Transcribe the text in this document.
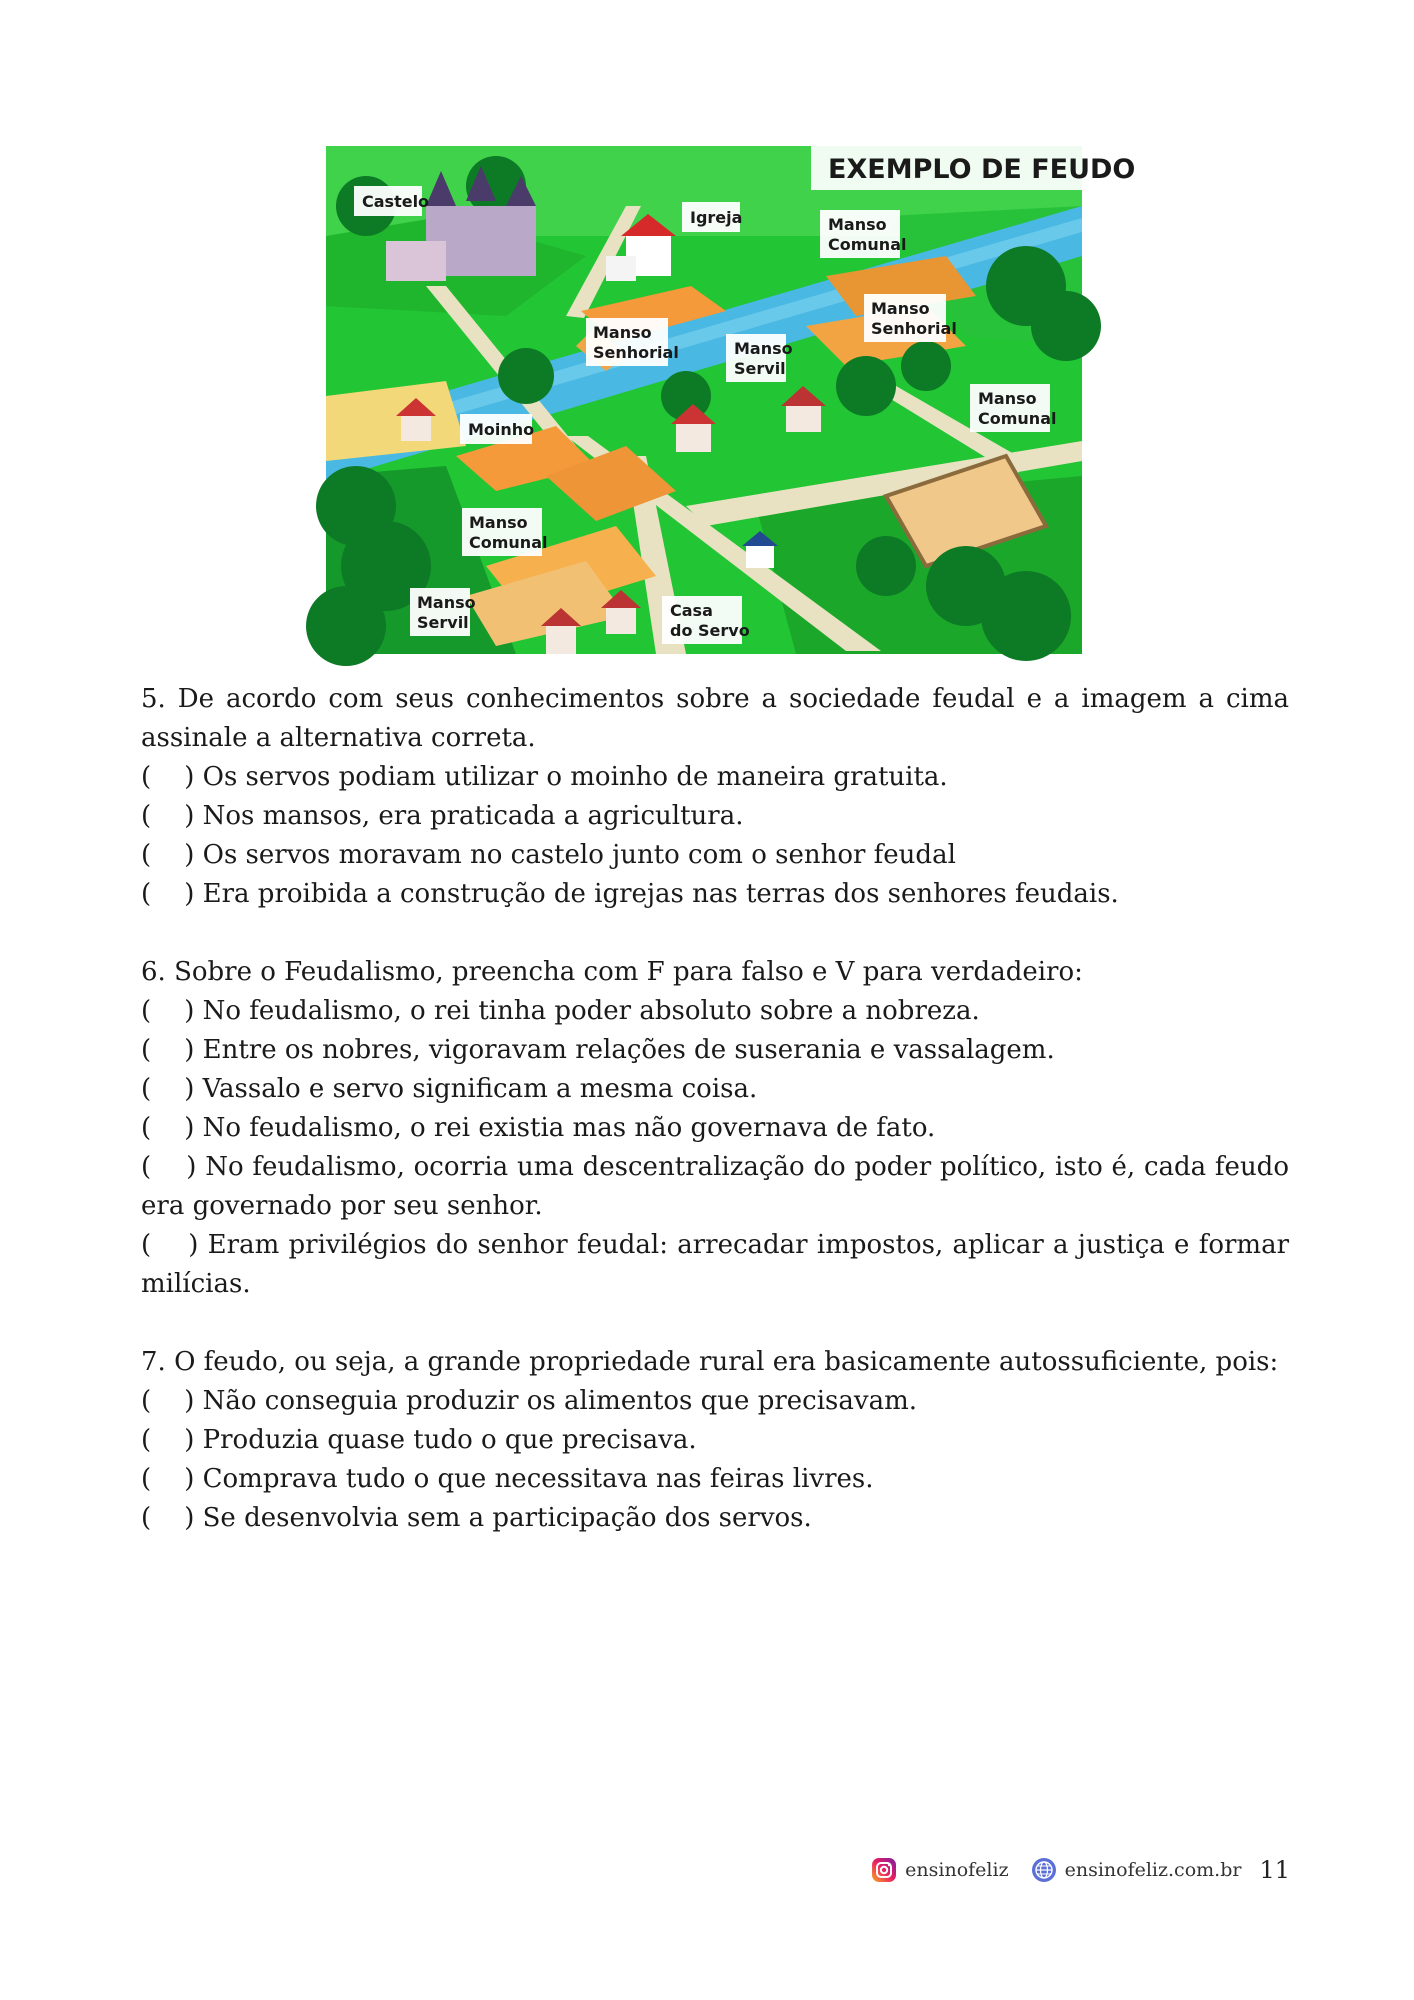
EXEMPLO DE FEUDO
Castelo
Igreja	Manso
Comunal
Manso
Senhorial	Manso
Servil
Manso
Senhorial
Manso
Comunal
Moinho
Manso
Comunal
Manso
Servil
Casa
do Servo
5. De acordo com seus conhecimentos sobre a sociedade feudal e a imagem a cima assinale a alternativa correta.
(    ) Os servos podiam utilizar o moinho de maneira gratuita.
(    ) Nos mansos, era praticada a agricultura.
(    ) Os servos moravam no castelo junto com o senhor feudal
(    ) Era proibida a construção de igrejas nas terras dos senhores feudais.
6. Sobre o Feudalismo, preencha com F para falso e V para verdadeiro:
(    ) No feudalismo, o rei tinha poder absoluto sobre a nobreza.
(    ) Entre os nobres, vigoravam relações de suserania e vassalagem.
(    ) Vassalo e servo significam a mesma coisa.
(    ) No feudalismo, o rei existia mas não governava de fato.
(    ) No feudalismo, ocorria uma descentralização do poder político, isto é, cada feudo era governado por seu senhor.
(    ) Eram privilégios do senhor feudal: arrecadar impostos, aplicar a justiça e formar milícias.
7. O feudo, ou seja, a grande propriedade rural era basicamente autossuficiente, pois:
(    ) Não conseguia produzir os alimentos que precisavam.
(    ) Produzia quase tudo o que precisava.
(    ) Comprava tudo o que necessitava nas feiras livres.
(    ) Se desenvolvia sem a participação dos servos.
ensinofeliz	ensinofeliz.com.br 11
